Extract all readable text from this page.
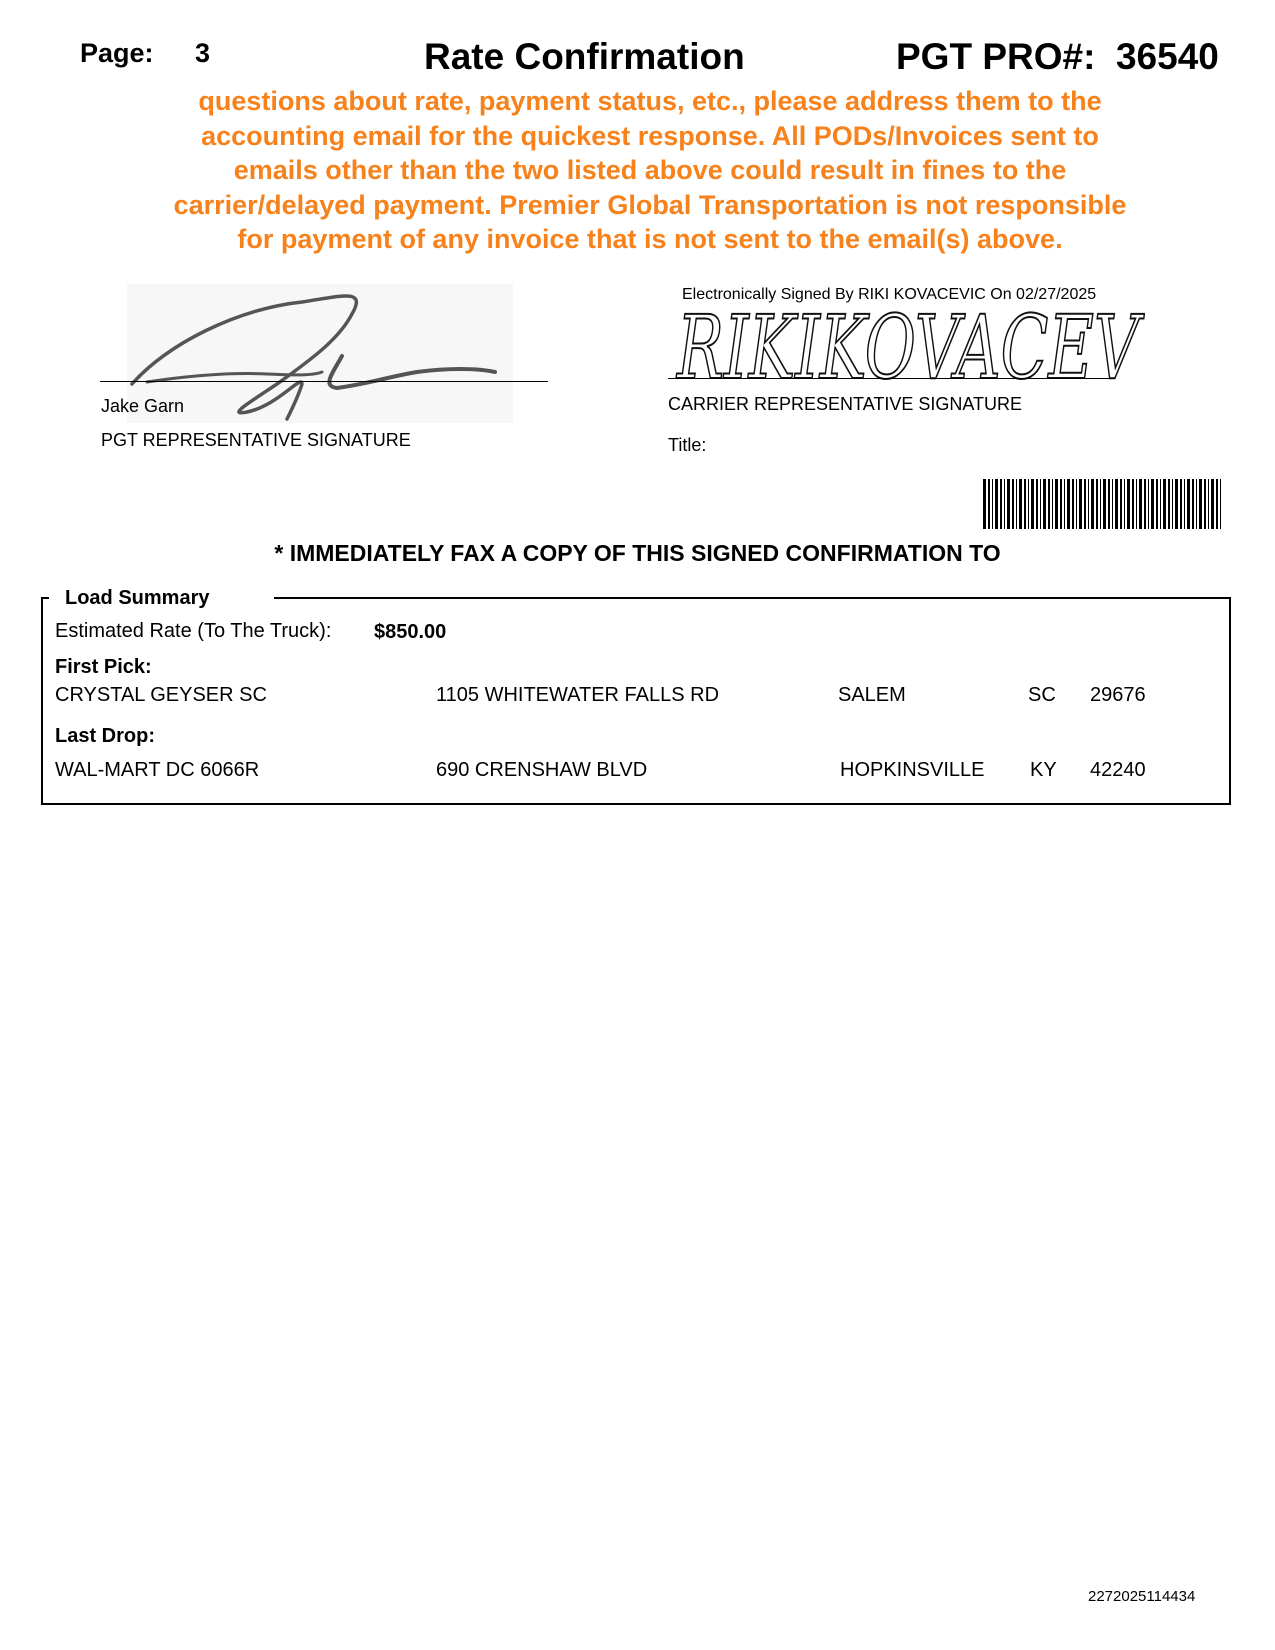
Page: 3	Rate Confirmation	PGT PRO#: 36540
questions about rate, payment status, etc., please address them to the
accounting email for the quickest response. All PODs/Invoices sent to
emails other than the two listed above could result in fines to the
carrier/delayed payment. Premier Global Transportation is not responsible
for payment of any invoice that is not sent to the email(s) above.
Jake Garn
PGT REPRESENTATIVE SIGNATURE
Electronically Signed By RIKI KOVACEVIC On 02/27/2025
RIKIKOVACEV
CARRIER REPRESENTATIVE SIGNATURE
Title:
* IMMEDIATELY FAX A COPY OF THIS SIGNED CONFIRMATION TO
Load Summary
Estimated Rate (To The Truck): $850.00
First Pick:
CRYSTAL GEYSER SC	1105 WHITEWATER FALLS RD	SALEM	SC 29676
Last Drop:
WAL-MART DC 6066R	690 CRENSHAW BLVD	HOPKINSVILLE KY 42240
2272025114434
